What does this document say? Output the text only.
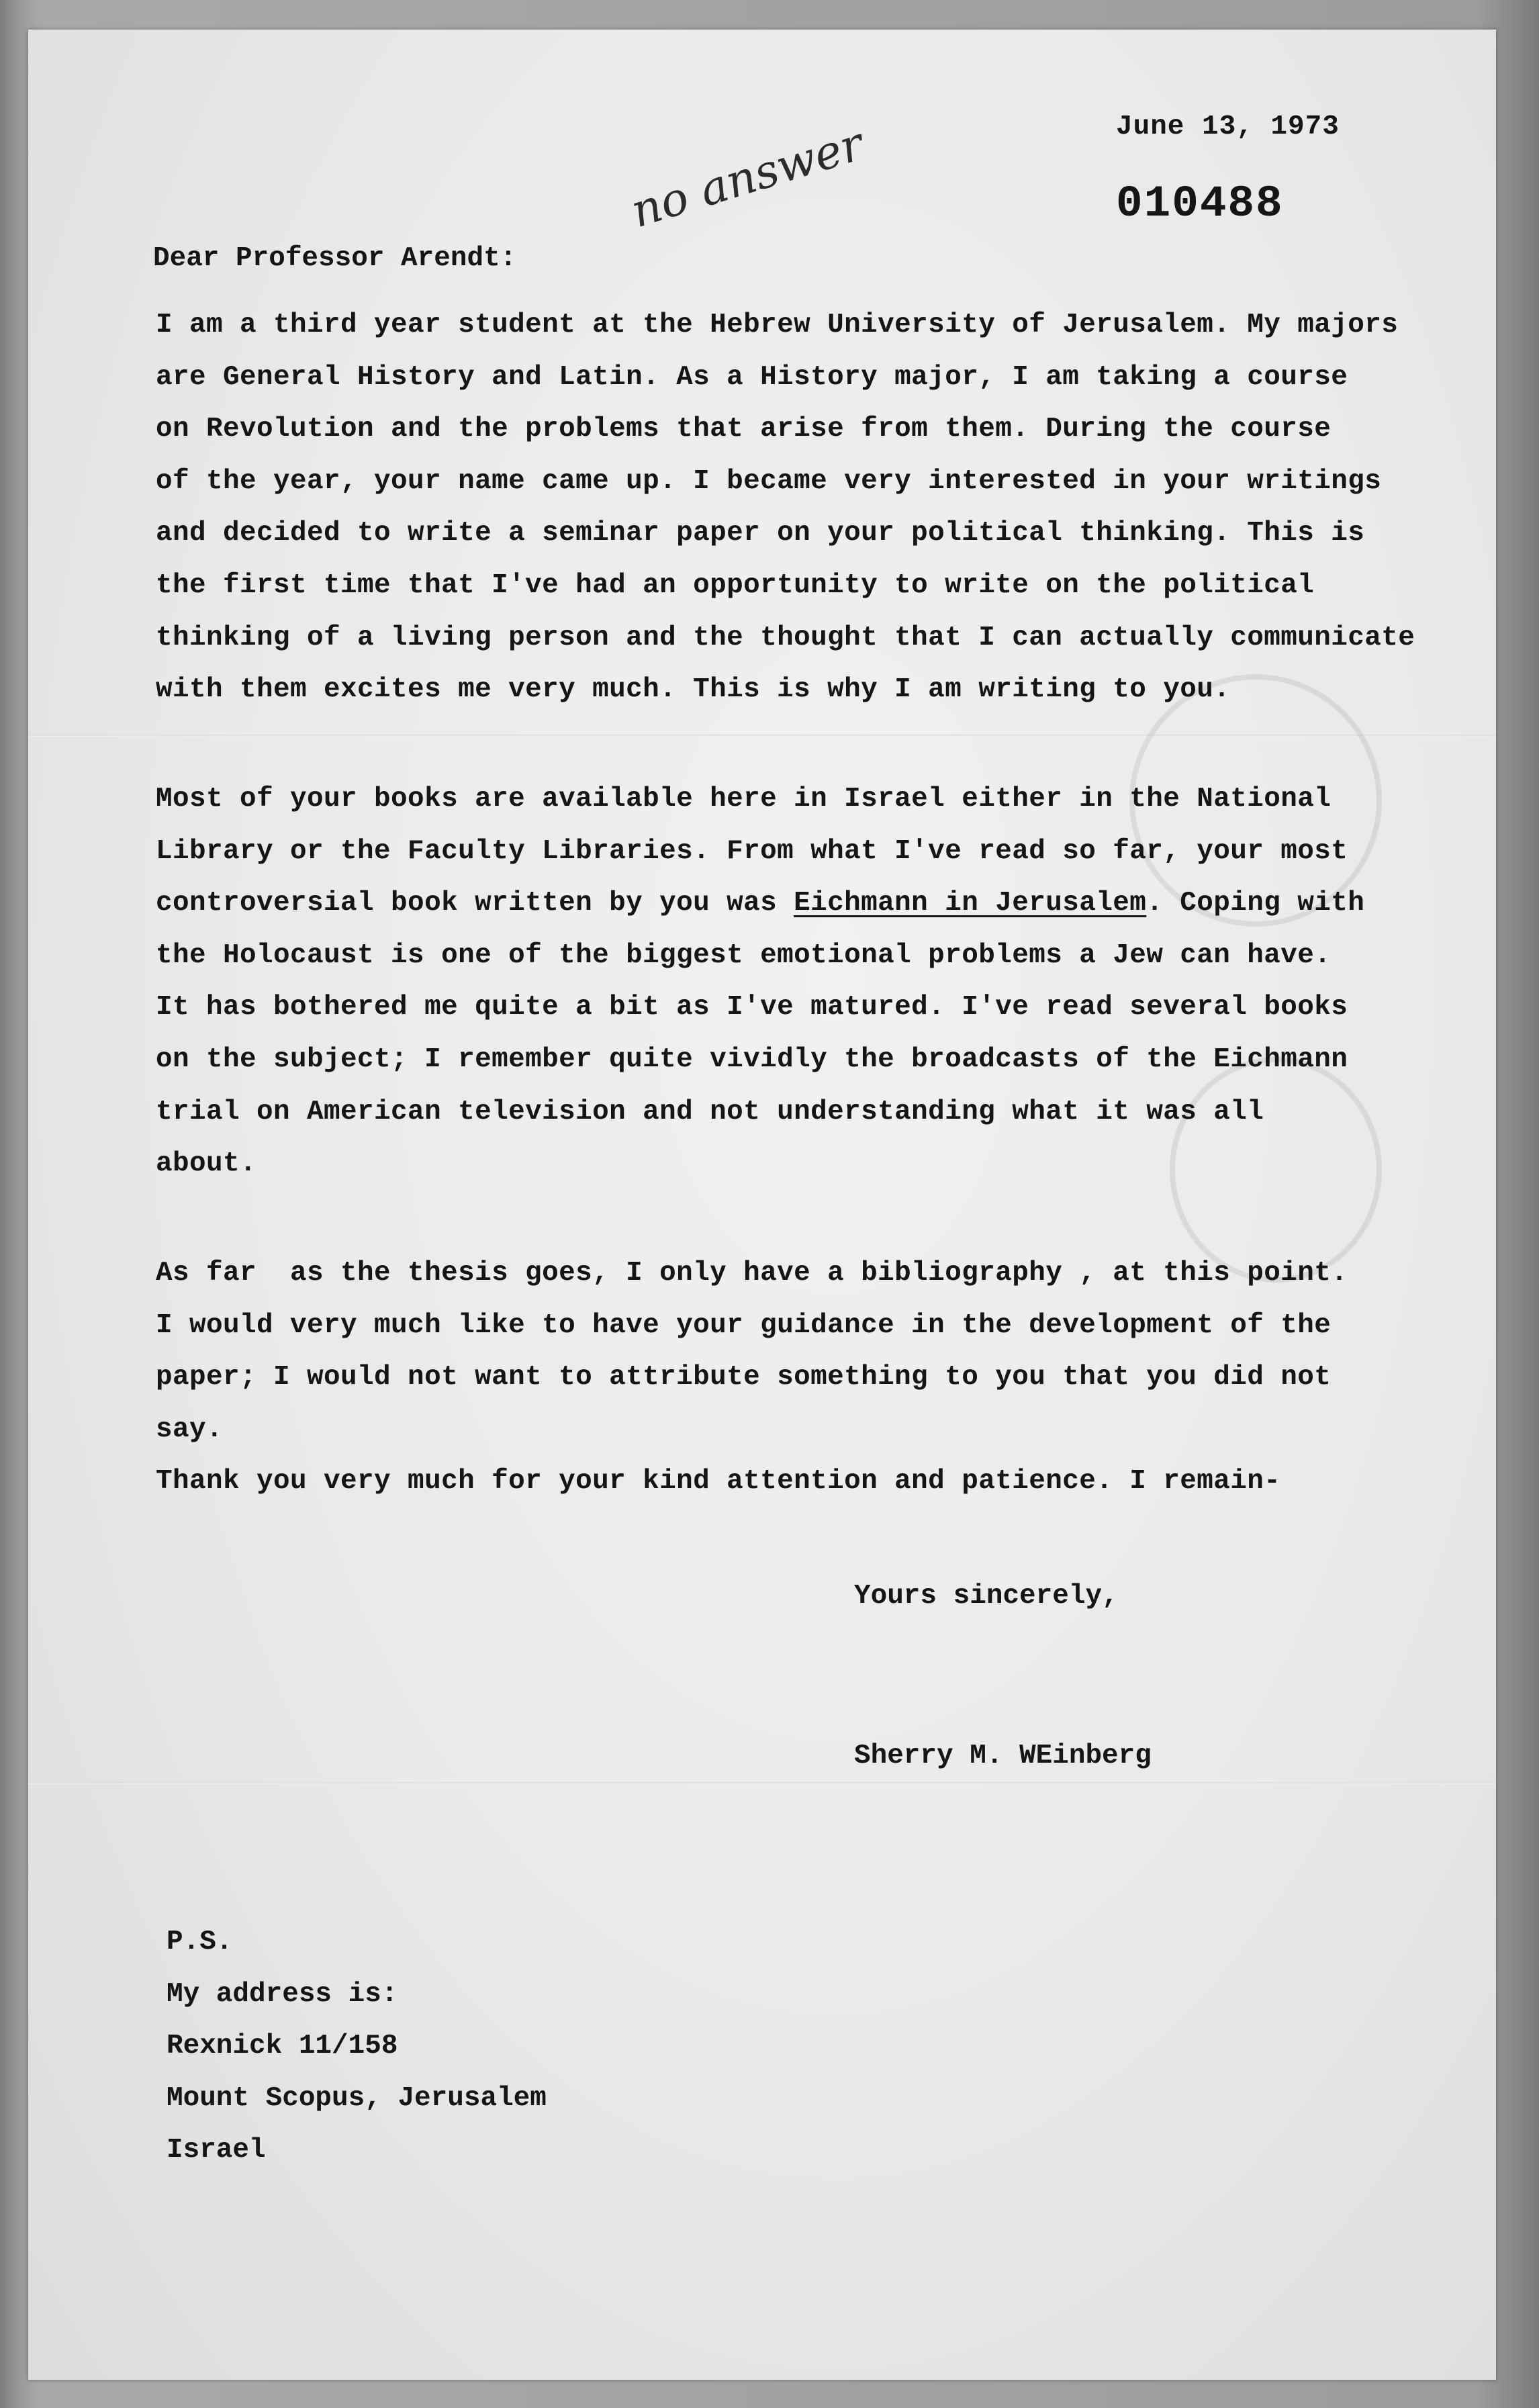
June 13, 1973
010488
no answer
Dear Professor Arendt:
I am a third year student at the Hebrew University of Jerusalem. My majors
are General History and Latin. As a History major, I am taking a course
on Revolution and the problems that arise from them. During the course
of the year, your name came up. I became very interested in your writings
and decided to write a seminar paper on your political thinking. This is
the first time that I've had an opportunity to write on the political
thinking of a living person and the thought that I can actually communicate
with them excites me very much. This is why I am writing to you.
Most of your books are available here in Israel either in the National
Library or the Faculty Libraries. From what I've read so far, your most
controversial book written by you was Eichmann in Jerusalem. Coping with
the Holocaust is one of the biggest emotional problems a Jew can have.
It has bothered me quite a bit as I've matured. I've read several books
on the subject; I remember quite vividly the broadcasts of the Eichmann
trial on American television and not understanding what it was all
about.
As far  as the thesis goes, I only have a bibliography , at this point.
I would very much like to have your guidance in the development of the
paper; I would not want to attribute something to you that you did not
say.
Thank you very much for your kind attention and patience. I remain-
Yours sincerely,
Sherry M. WEinberg
P.S.
My address is:
Rexnick 11/158
Mount Scopus, Jerusalem
Israel
